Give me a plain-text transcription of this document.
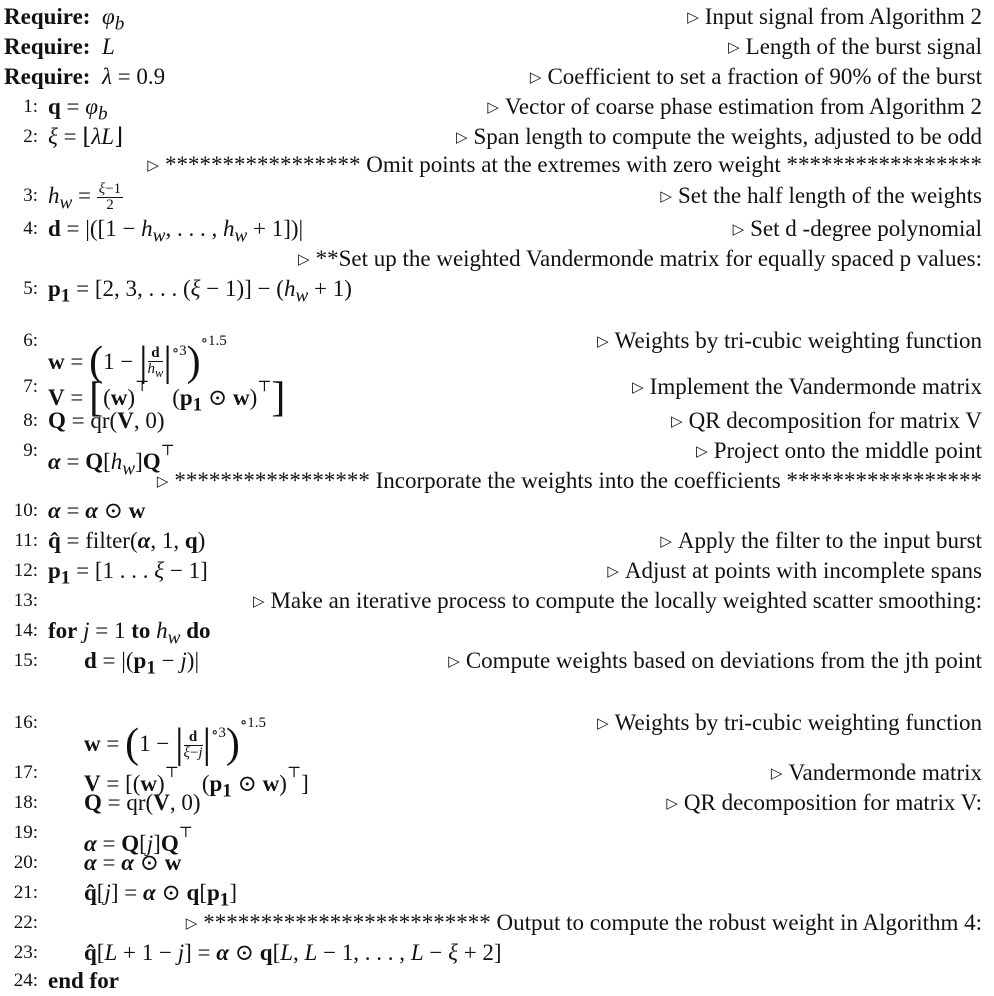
Require: $\varphi_b$	▷ Input signal from Algorithm 2
Require: L	▷ Length of the burst signal
Require: λ = 0.9	▷ Coefficient to set a fraction of 90% of the burst
1: $q = \varphi_b$	▷ Vector of coarse phase estimation from Algorithm 2
2: ξ = ⌊λL⌋	▷ Span length to compute the weights, adjusted to be odd
▷ ***************** Omit points at the extremes with zero weight *****************
3: $h_w = \frac{\xi-1}{2}$	▷ Set the half length of the weights
4: $d = |([1 - h_w$, . . . , $h_w + 1])|$	▷ Set d -degree polynomial
▷ **Set up the weighted Vandermonde matrix for equally spaced p values:
5: $p_1 = [2$, 3, . . . $(\xi - 1)] - (h_w + 1)$
6:
w = (1 − | $\frac{d}{h_w} |^{\circ 3})^{\circ 1.5}$	▷ Weights by tri-cubic weighting function
7: V = [(w)⊤    ($p_1$ ⊙ w)⊤]	▷ Implement the Vandermonde matrix
8: Q = qr(V, 0)	▷ QR decomposition for matrix V
9: $\alpha = Q[h_w]Q^⊤$	▷ Project onto the middle point
▷ ***************** Incorporate the weights into the coefficients *****************
10: α = α ⊙ w
11: q̂ = filter(α, 1, q)	▷ Apply the filter to the input burst
12: $p_1 = [1$ . . . ξ − 1]	▷ Adjust at points with incomplete spans
13:	▷ Make an iterative process to compute the locally weighted scatter smoothing:
14: for j = 1 to $h_w$ do
15: $d = |(p_1 - j)|$	▷ Compute weights based on deviations from the jth point
16:
w = (1 − | $\frac{d}{\xi-j} |^{\circ 3})^{\circ 1.5}$	▷ Weights by tri-cubic weighting function
17: V = [(w)⊤    ($p_1$ ⊙ w)⊤]	▷ Vandermonde matrix
18: Q = qr(V, 0)	▷ QR decomposition for matrix V:
19: α = Q[j]Q⊤
20: α = α ⊙ w
21: q̂[j] = α ⊙ $q[p_1]$
22:	▷ ************************* Output to compute the robust weight in Algorithm 4:
23: q̂[L + 1 − j] = α ⊙ q[L, L − 1, . . . , L − ξ + 2]
24: end for
